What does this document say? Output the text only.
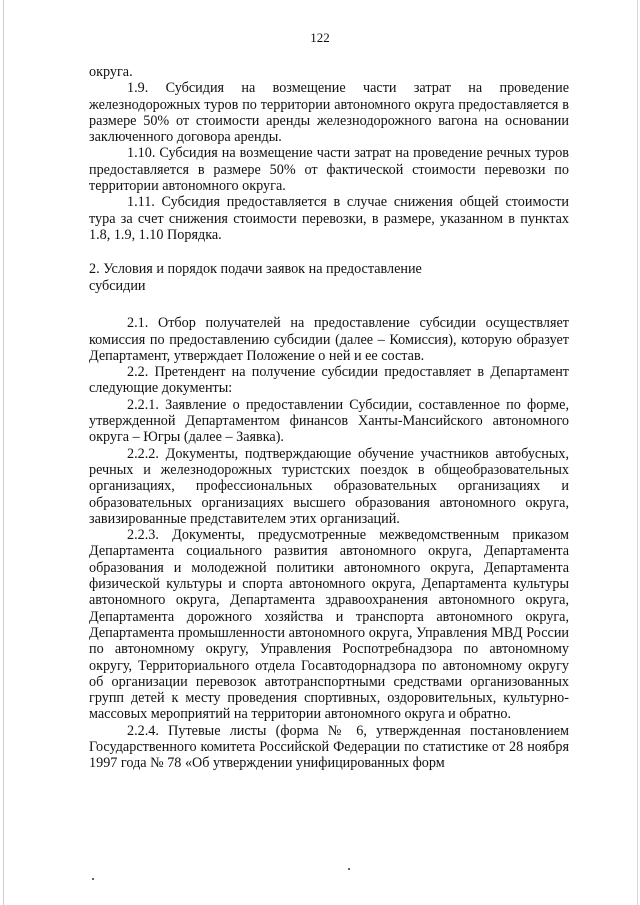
122

округа.

1.9. Субсидия на возмещение части затрат на проведение железнодорожных туров по территории автономного округа предоставляется в размере 50% от стоимости аренды железнодорожного вагона на основании заключенного договора аренды.

1.10. Субсидия на возмещение части затрат на проведение речных туров предоставляется в размере 50% от фактической стоимости перевозки по территории автономного округа.

1.11. Субсидия предоставляется в случае снижения общей стоимости тура за счет снижения стоимости перевозки, в размере, указанном в пунктах 1.8, 1.9, 1.10 Порядка.

2. Условия и порядок подачи заявок на предоставление
субсидии

2.1. Отбор получателей на предоставление субсидии осуществляет комиссия по предоставлению субсидии (далее – Комиссия), которую образует Департамент, утверждает Положение о ней и ее состав.

2.2. Претендент на получение субсидии предоставляет в Департамент следующие документы:

2.2.1. Заявление о предоставлении Субсидии, составленное по форме, утвержденной Департаментом финансов Ханты-Мансийского автономного округа – Югры (далее – Заявка).

2.2.2. Документы, подтверждающие обучение участников автобусных, речных и железнодорожных туристских поездок в общеобразовательных организациях, профессиональных образовательных организациях и образовательных организациях высшего образования автономного округа, завизированные представителем этих организаций.

2.2.3. Документы, предусмотренные межведомственным приказом Департамента социального развития автономного округа, Департамента образования и молодежной политики автономного округа, Департамента физической культуры и спорта автономного округа, Департамента культуры автономного округа, Департамента здравоохранения автономного округа, Департамента дорожного хозяйства и транспорта автономного округа, Департамента промышленности автономного округа, Управления МВД России по автономному округу, Управления Роспотребнадзора по автономному округу, Территориального отдела Госавтодорнадзора по автономному округу об организации перевозок автотранспортными средствами организованных групп детей к месту проведения спортивных, оздоровительных, культурно-массовых мероприятий на территории автономного округа и обратно.

2.2.4. Путевые листы (форма № 6, утвержденная постановлением Государственного комитета Российской Федерации по статистике от 28 ноября 1997 года № 78 «Об утверждении унифицированных форм
